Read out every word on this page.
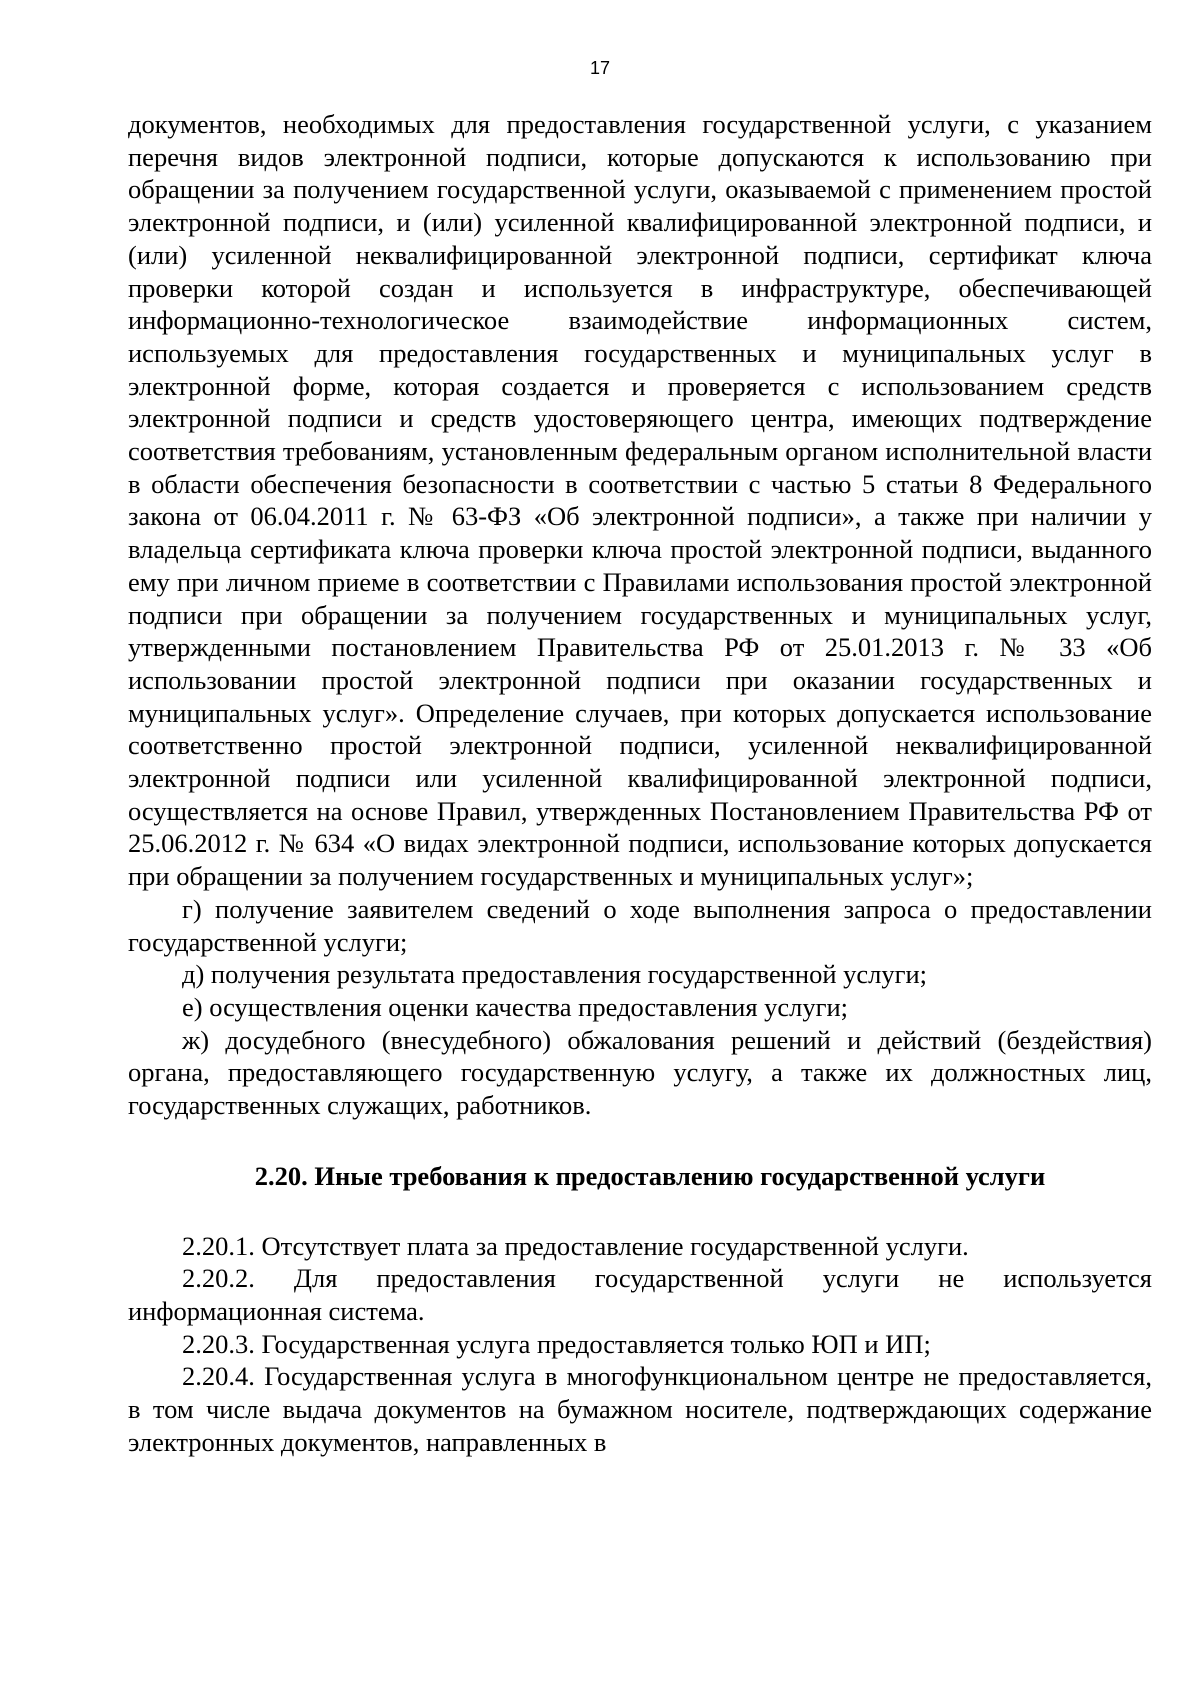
17

документов, необходимых для предоставления государственной услуги, с указанием перечня видов электронной подписи, которые допускаются к использованию при обращении за получением государственной услуги, оказываемой с применением простой электронной подписи, и (или) усиленной квалифицированной электронной подписи, и (или) усиленной неквалифицированной электронной подписи, сертификат ключа проверки которой создан и используется в инфраструктуре, обеспечивающей информационно-технологическое взаимодействие информационных систем, используемых для предоставления государственных и муниципальных услуг в электронной форме, которая создается и проверяется с использованием средств электронной подписи и средств удостоверяющего центра, имеющих подтверждение соответствия требованиям, установленным федеральным органом исполнительной власти в области обеспечения безопасности в соответствии с частью 5 статьи 8 Федерального закона от 06.04.2011 г. № 63-ФЗ «Об электронной подписи», а также при наличии у владельца сертификата ключа проверки ключа простой электронной подписи, выданного ему при личном приеме в соответствии с Правилами использования простой электронной подписи при обращении за получением государственных и муниципальных услуг, утвержденными постановлением Правительства РФ от 25.01.2013 г. № 33 «Об использовании простой электронной подписи при оказании государственных и муниципальных услуг». Определение случаев, при которых допускается использование соответственно простой электронной подписи, усиленной неквалифицированной электронной подписи или усиленной квалифицированной электронной подписи, осуществляется на основе Правил, утвержденных Постановлением Правительства РФ от 25.06.2012 г. № 634 «О видах электронной подписи, использование которых допускается при обращении за получением государственных и муниципальных услуг»;

г) получение заявителем сведений о ходе выполнения запроса о предоставлении государственной услуги;

д) получения результата предоставления государственной услуги;

е) осуществления оценки качества предоставления услуги;

ж) досудебного (внесудебного) обжалования решений и действий (бездействия) органа, предоставляющего государственную услугу, а также их должностных лиц, государственных служащих, работников.

2.20. Иные требования к предоставлению государственной услуги

2.20.1. Отсутствует плата за предоставление государственной услуги.

2.20.2. Для предоставления государственной услуги не используется информационная система.

2.20.3. Государственная услуга предоставляется только ЮП и ИП;

2.20.4. Государственная услуга в многофункциональном центре не предоставляется, в том числе выдача документов на бумажном носителе, подтверждающих содержание электронных документов, направленных в
